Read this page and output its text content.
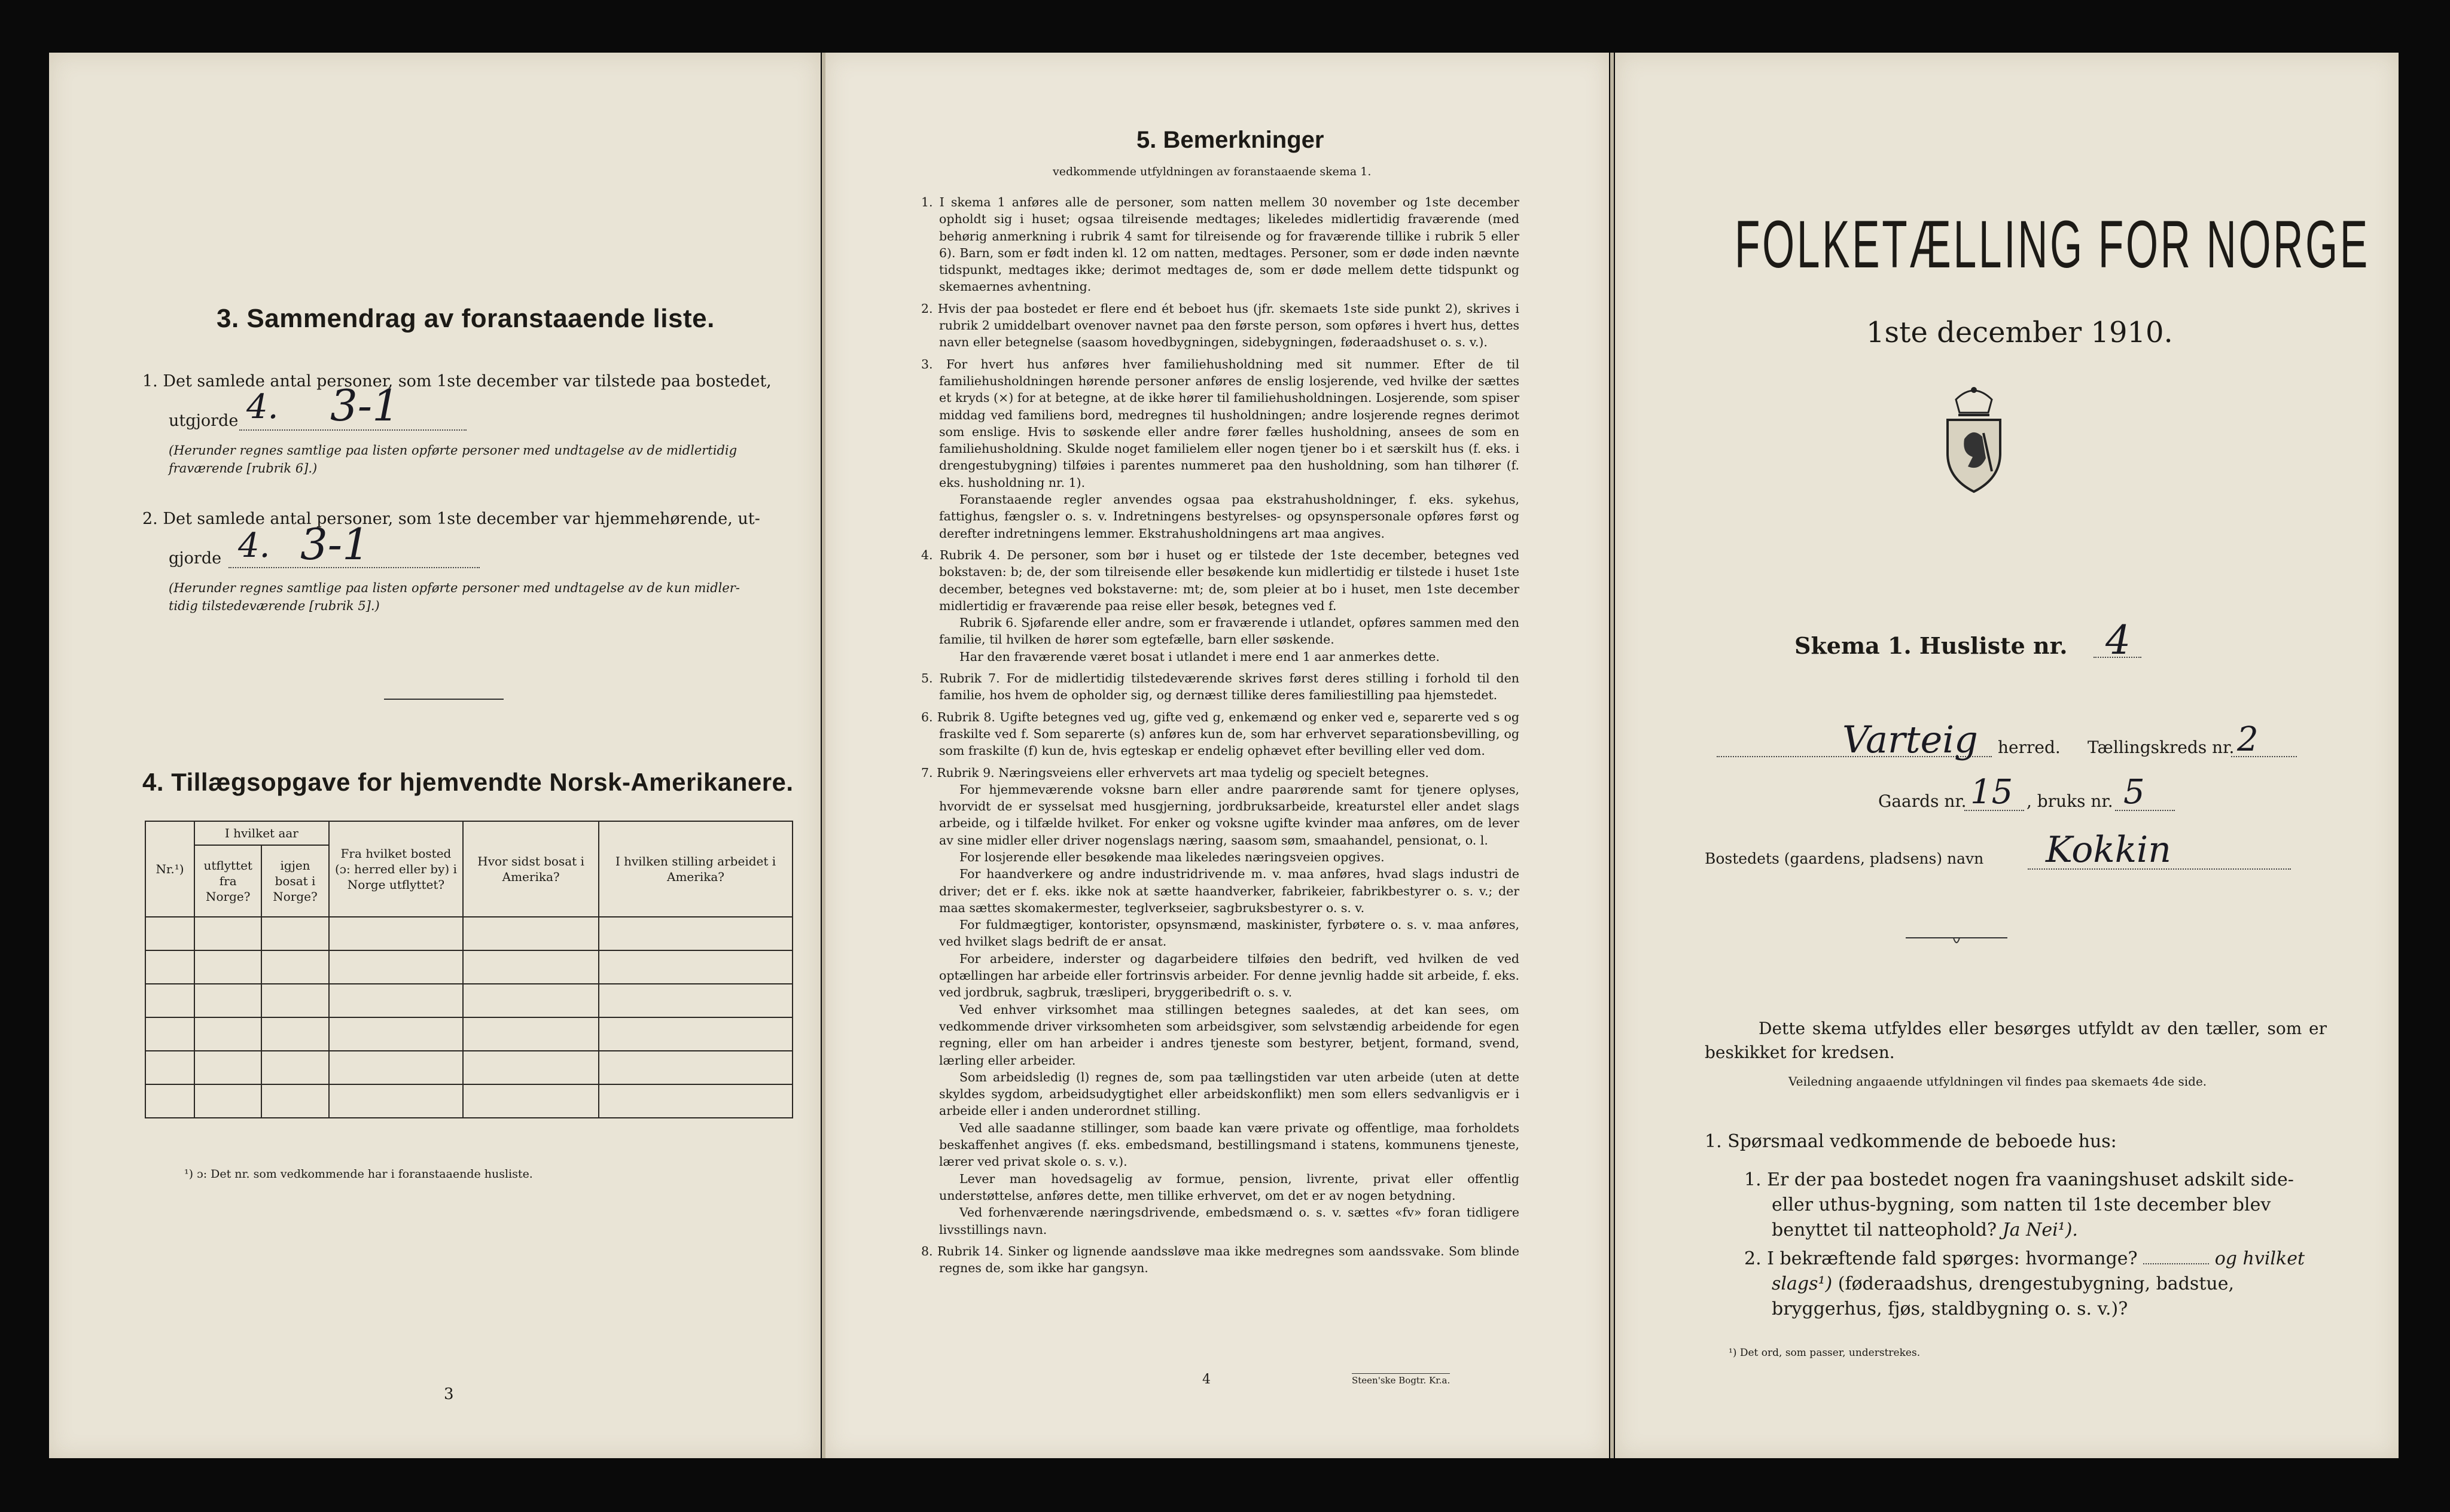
3. Sammendrag av foranstaaende liste.
1. Det samlede antal personer, som 1ste december var tilstede paa bostedet,
utgjorde 4. 3-1
(Herunder regnes samtlige paa listen opførte personer med undtagelse av de midlertidig
fraværende [rubrik 6].)
2. Det samlede antal personer, som 1ste december var hjemmehørende, ut-
gjorde 4. 3-1
(Herunder regnes samtlige paa listen opførte personer med undtagelse av de kun midler-
tidig tilstedeværende [rubrik 5].)
4. Tillægsopgave for hjemvendte Norsk-Amerikanere.
Nr.¹)	I hvilket aar		Fra hvilket bosted (ɔ: herred eller by) i Norge utflyttet?	Hvor sidst bosat i Amerika?	I hvilken stilling arbeidet i Amerika?
	utflyttet fra Norge?	igjen bosat i Norge?			

¹) ɔ: Det nr. som vedkommende har i foranstaaende husliste.
3
5. Bemerkninger
vedkommende utfyldningen av foranstaaende skema 1.

1. I skema 1 anføres alle de personer, som natten mellem 30 november og 1ste december opholdt sig i huset; ogsaa tilreisende medtages; likeledes midlertidig fraværende (med behørig anmerkning i rubrik 4 samt for tilreisende og for fraværende tillike i rubrik 5 eller 6). Barn, som er født inden kl. 12 om natten, medtages. Personer, som er døde inden nævnte tidspunkt, medtages ikke; derimot medtages de, som er døde mellem dette tidspunkt og skemaernes avhentning.

2. Hvis der paa bostedet er flere end ét beboet hus (jfr. skemaets 1ste side punkt 2), skrives i rubrik 2 umiddelbart ovenover navnet paa den første person, som opføres i hvert hus, dettes navn eller betegnelse (saasom hovedbygningen, sidebygningen, føderaadshuset o. s. v.).

3. For hvert hus anføres hver familiehusholdning med sit nummer. Efter de til familiehusholdningen hørende personer anføres de enslig losjerende, ved hvilke der sættes et kryds (×) for at betegne, at de ikke hører til familiehusholdningen. Losjerende, som spiser middag ved familiens bord, medregnes til husholdningen; andre losjerende regnes derimot som enslige. Hvis to søskende eller andre fører fælles husholdning, ansees de som en familiehusholdning. Skulde noget familielem eller nogen tjener bo i et særskilt hus (f. eks. i drengestubygning) tilføies i parentes nummeret paa den husholdning, som han tilhører (f. eks. husholdning nr. 1).

Foranstaaende regler anvendes ogsaa paa ekstrahusholdninger, f. eks. sykehus, fattighus, fængsler o. s. v. Indretningens bestyrelses- og opsynspersonale opføres først og derefter indretningens lemmer. Ekstrahusholdningens art maa angives.

4. Rubrik 4. De personer, som bør i huset og er tilstede der 1ste december, betegnes ved bokstaven: b; de, der som tilreisende eller besøkende kun midlertidig er tilstede i huset 1ste december, betegnes ved bokstaverne: mt; de, som pleier at bo i huset, men 1ste december midlertidig er fraværende paa reise eller besøk, betegnes ved f.

Rubrik 6. Sjøfarende eller andre, som er fraværende i utlandet, opføres sammen med den familie, til hvilken de hører som egtefælle, barn eller søskende.

Har den fraværende været bosat i utlandet i mere end 1 aar anmerkes dette.

5. Rubrik 7. For de midlertidig tilstedeværende skrives først deres stilling i forhold til den familie, hos hvem de opholder sig, og dernæst tillike deres familiestilling paa hjemstedet.

6. Rubrik 8. Ugifte betegnes ved ug, gifte ved g, enkemænd og enker ved e, separerte ved s og fraskilte ved f. Som separerte (s) anføres kun de, som har erhvervet separationsbevilling, og som fraskilte (f) kun de, hvis egteskap er endelig ophævet efter bevilling eller ved dom.

7. Rubrik 9. Næringsveiens eller erhvervets art maa tydelig og specielt betegnes.

For hjemmeværende voksne barn eller andre paarørende samt for tjenere oplyses, hvorvidt de er sysselsat med husgjerning, jordbruksarbeide, kreaturstel eller andet slags arbeide, og i tilfælde hvilket. For enker og voksne ugifte kvinder maa anføres, om de lever av sine midler eller driver nogenslags næring, saasom søm, smaahandel, pensionat, o. l.

For losjerende eller besøkende maa likeledes næringsveien opgives.

For haandverkere og andre industridrivende m. v. maa anføres, hvad slags industri de driver; det er f. eks. ikke nok at sætte haandverker, fabrikeier, fabrikbestyrer o. s. v.; der maa sættes skomakermester, teglverkseier, sagbruksbestyrer o. s. v.

For fuldmægtiger, kontorister, opsynsmænd, maskinister, fyrbøtere o. s. v. maa anføres, ved hvilket slags bedrift de er ansat.

For arbeidere, inderster og dagarbeidere tilføies den bedrift, ved hvilken de ved optællingen har arbeide eller fortrinsvis arbeider. For denne jevnlig hadde sit arbeide, f. eks. ved jordbruk, sagbruk, træsliperi, bryggeribedrift o. s. v.

Ved enhver virksomhet maa stillingen betegnes saaledes, at det kan sees, om vedkommende driver virksomheten som arbeidsgiver, som selvstændig arbeidende for egen regning, eller om han arbeider i andres tjeneste som bestyrer, betjent, formand, svend, lærling eller arbeider.

Som arbeidsledig (l) regnes de, som paa tællingstiden var uten arbeide (uten at dette skyldes sygdom, arbeidsudygtighet eller arbeidskonflikt) men som ellers sedvanligvis er i arbeide eller i anden underordnet stilling.

Ved alle saadanne stillinger, som baade kan være private og offentlige, maa forholdets beskaffenhet angives (f. eks. embedsmand, bestillingsmand i statens, kommunens tjeneste, lærer ved privat skole o. s. v.).

Lever man hovedsagelig av formue, pension, livrente, privat eller offentlig understøttelse, anføres dette, men tillike erhvervet, om det er av nogen betydning.

Ved forhenværende næringsdrivende, embedsmænd o. s. v. sættes «fv» foran tidligere livsstillings navn.

8. Rubrik 14. Sinker og lignende aandssløve maa ikke medregnes som aandssvake. Som blinde regnes de, som ikke har gangsyn.

4	Steen'ske Bogtr. Kr.a.
FOLKETÆLLING FOR NORGE
1ste december 1910.
Skema 1. Husliste nr. 4
Varteig herred. Tællingskreds nr. 2
Gaards nr. 15 , bruks nr. 5
Bostedets (gaardens, pladsens) navn Kokkin
Dette skema utfyldes eller besørges utfyldt av den tæller, som er beskikket for kredsen.
Veiledning angaaende utfyldningen vil findes paa skemaets 4de side.
1. Spørsmaal vedkommende de beboede hus:
1. Er der paa bostedet nogen fra vaaningshuset adskilt side- eller uthus-bygning, som natten til 1ste december blev benyttet til natteophold? Ja Nei¹).
2. I bekræftende fald spørges: hvormange?	og hvilket slags¹) (føderaadshus, drengestubygning, badstue, bryggerhus, fjøs, staldbygning o. s. v.)?
¹) Det ord, som passer, understrekes.
